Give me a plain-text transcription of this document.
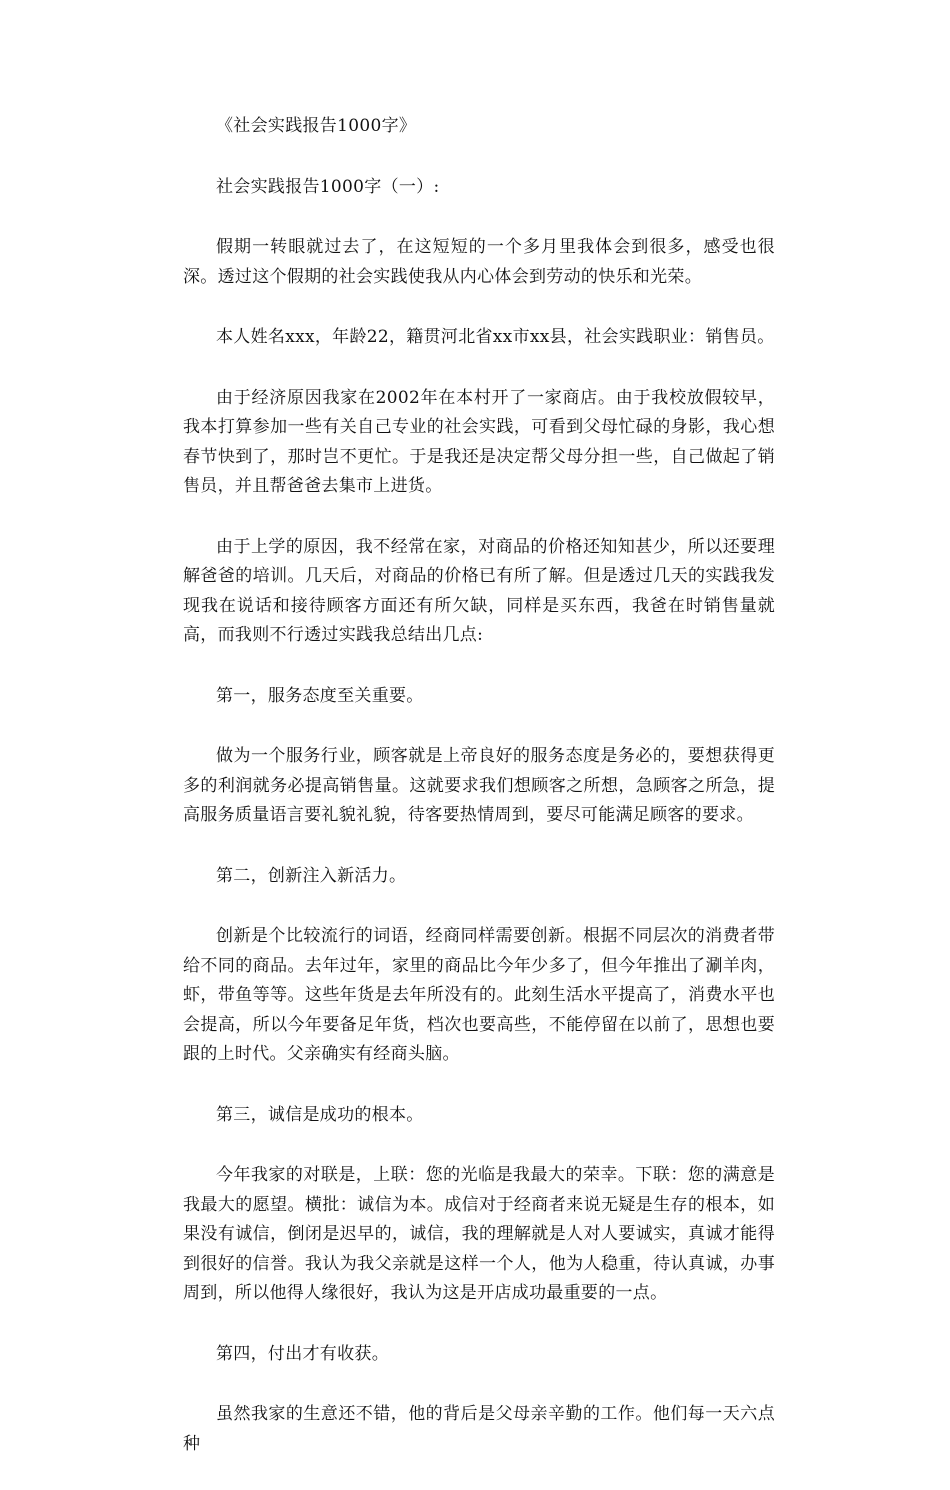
《社会实践报告1000字》

社会实践报告1000字（一）:

假期一转眼就过去了，在这短短的一个多月里我体会到很多，感受也很深。透过这个假期的社会实践使我从内心体会到劳动的快乐和光荣。

本人姓名xxx，年龄22，籍贯河北省xx市xx县，社会实践职业：销售员。

由于经济原因我家在2002年在本村开了一家商店。由于我校放假较早，我本打算参加一些有关自己专业的社会实践，可看到父母忙碌的身影，我心想春节快到了，那时岂不更忙。于是我还是决定帮父母分担一些，自己做起了销售员，并且帮爸爸去集市上进货。

由于上学的原因，我不经常在家，对商品的价格还知知甚少，所以还要理解爸爸的培训。几天后，对商品的价格已有所了解。但是透过几天的实践我发现我在说话和接待顾客方面还有所欠缺，同样是买东西，我爸在时销售量就高，而我则不行透过实践我总结出几点:

第一，服务态度至关重要。

做为一个服务行业，顾客就是上帝良好的服务态度是务必的，要想获得更多的利润就务必提高销售量。这就要求我们想顾客之所想，急顾客之所急，提高服务质量语言要礼貌礼貌，待客要热情周到，要尽可能满足顾客的要求。

第二，创新注入新活力。

创新是个比较流行的词语，经商同样需要创新。根据不同层次的消费者带给不同的商品。去年过年，家里的商品比今年少多了，但今年推出了涮羊肉，虾，带鱼等等。这些年货是去年所没有的。此刻生活水平提高了，消费水平也会提高，所以今年要备足年货，档次也要高些，不能停留在以前了，思想也要跟的上时代。父亲确实有经商头脑。

第三，诚信是成功的根本。

今年我家的对联是，上联：您的光临是我最大的荣幸。下联：您的满意是我最大的愿望。横批：诚信为本。成信对于经商者来说无疑是生存的根本，如果没有诚信，倒闭是迟早的，诚信，我的理解就是人对人要诚实，真诚才能得到很好的信誉。我认为我父亲就是这样一个人，他为人稳重，待认真诚，办事周到，所以他得人缘很好，我认为这是开店成功最重要的一点。

第四，付出才有收获。

虽然我家的生意还不错，他的背后是父母亲辛勤的工作。他们每一天六点种
